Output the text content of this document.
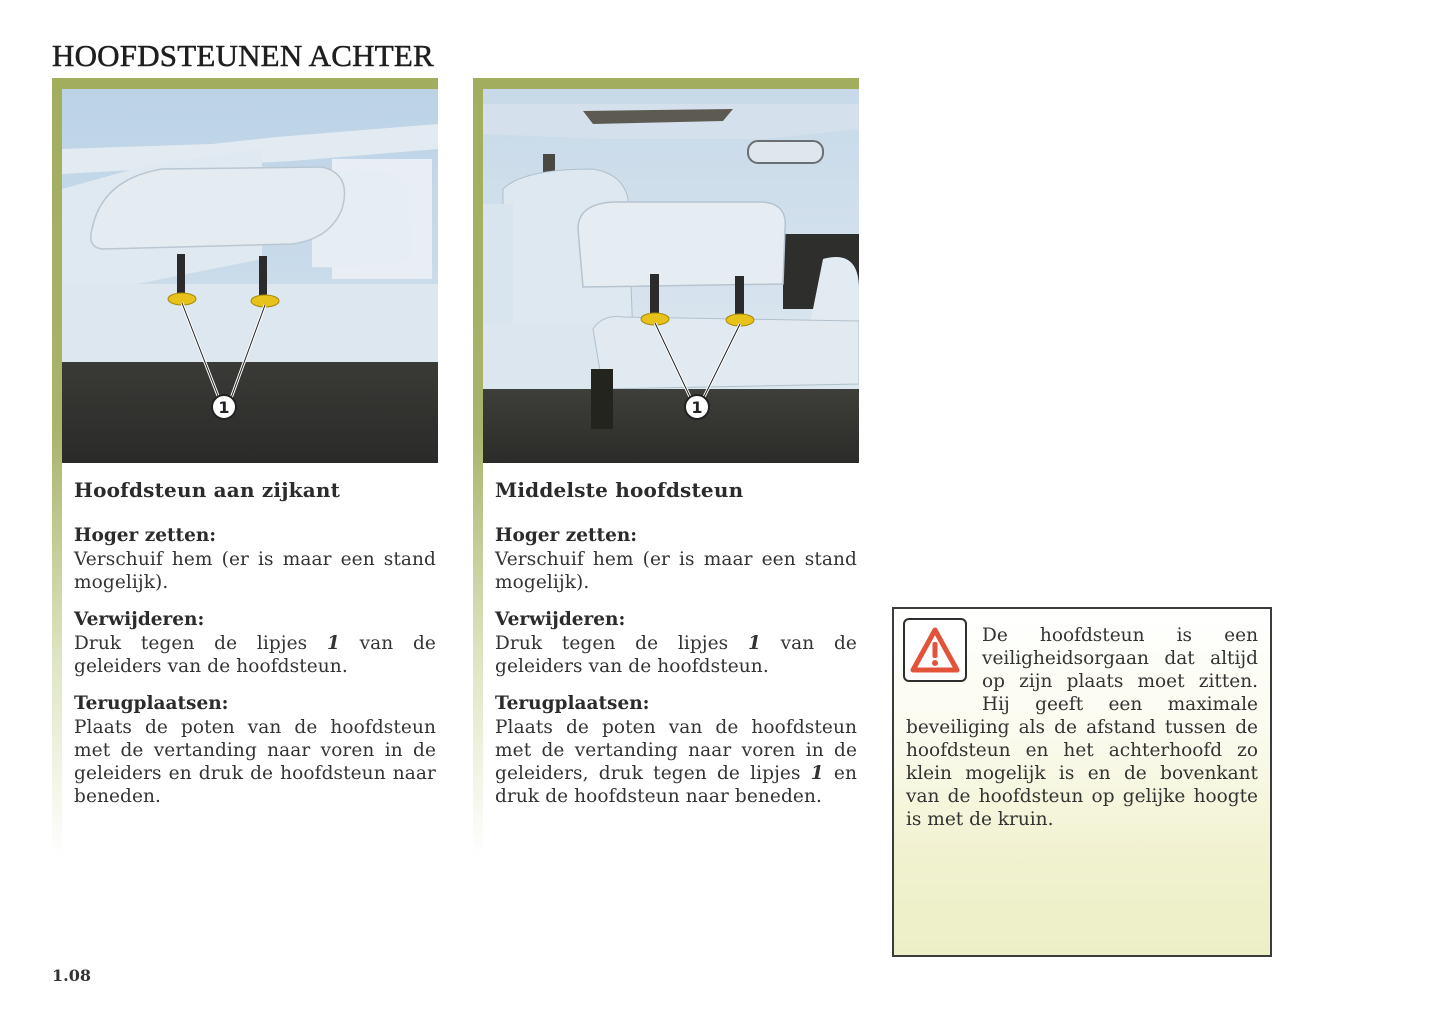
HOOFDSTEUNEN ACHTER
1
Hoofdsteun aan zijkant
Hoger zetten:

Verschuif hem (er is maar een stand mogelijk).

Verwijderen:

Druk tegen de lipjes 1 van de geleiders van de hoofdsteun.

Terugplaatsen:

Plaats de poten van de hoofdsteun met de vertanding naar voren in de geleiders en druk de hoofdsteun naar beneden.

1
Middelste hoofdsteun
Hoger zetten:

Verschuif hem (er is maar een stand mogelijk).

Verwijderen:

Druk tegen de lipjes 1 van de geleiders van de hoofdsteun.

Terugplaatsen:

Plaats de poten van de hoofdsteun met de vertanding naar voren in de geleiders, druk tegen de lipjes 1 en druk de hoofdsteun naar beneden.

De hoofdsteun is een veiligheidsorgaan dat altijd op zijn plaats moet zitten. Hij geeft een maximale beveiliging als de afstand tussen de hoofdsteun en het achterhoofd zo klein mogelijk is en de bovenkant van de hoofdsteun op gelijke hoogte is met de kruin.
1.08
